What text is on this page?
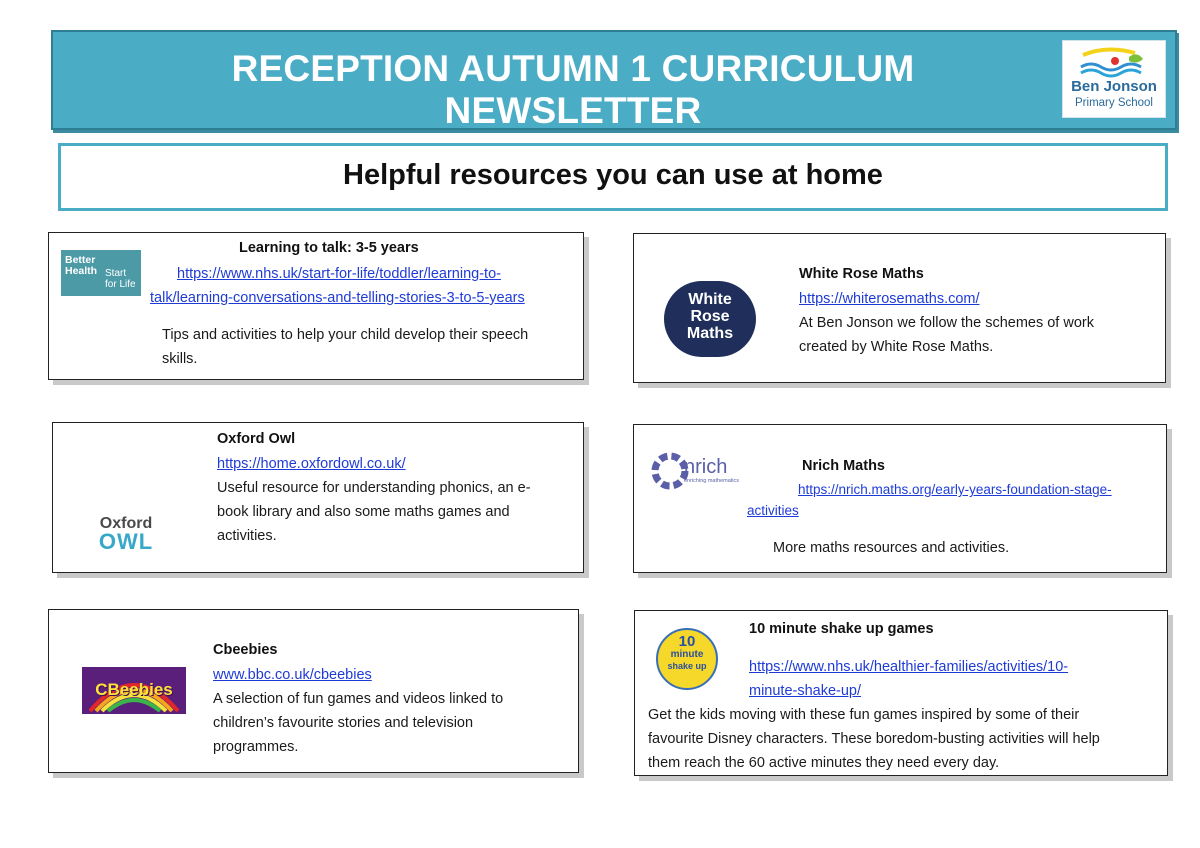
RECEPTION AUTUMN 1 CURRICULUM NEWSLETTER
Ben Jonson
Primary School
Helpful resources you can use at home
Better
Health Start
for Life
Learning to talk: 3-5 years
https://www.nhs.uk/start-for-life/toddler/learning-to-
talk/learning-conversations-and-telling-stories-3-to-5-years
Tips and activities to help your child develop their speech
skills.
White
Rose
Maths
White Rose Maths
https://whiterosemaths.com/
At Ben Jonson we follow the schemes of work
created by White Rose Maths.
Oxford
OWL
Oxford Owl
https://home.oxfordowl.co.uk/
Useful resource for understanding phonics, an e-
book library and also some maths games and
activities.
nrich
enriching mathematics
Nrich Maths
https://nrich.maths.org/early-years-foundation-stage-
activities
More maths resources and activities.
CBeebies
Cbeebies
www.bbc.co.uk/cbeebies
A selection of fun games and videos linked to
children’s favourite stories and television
programmes.
10
minute
shake up
10 minute shake up games
https://www.nhs.uk/healthier-families/activities/10-
minute-shake-up/
Get the kids moving with these fun games inspired by some of their
favourite Disney characters. These boredom-busting activities will help
them reach the 60 active minutes they need every day.
